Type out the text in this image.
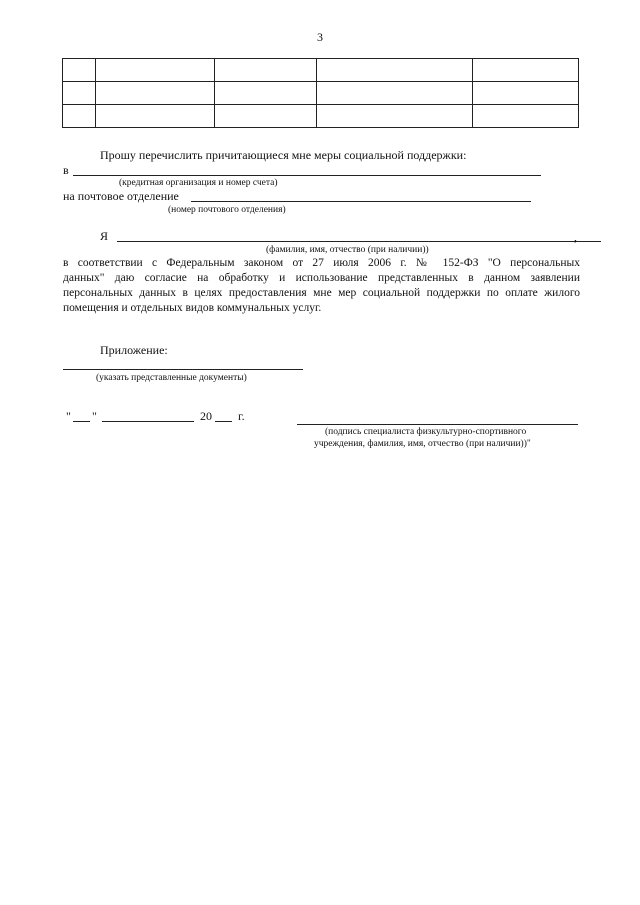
3

Прошу перечислить причитающиеся мне меры социальной поддержки:
в
(кредитная организация и номер счета)
на почтовое отделение
(номер почтового отделения)
Я	,
(фамилия, имя, отчество (при наличии))
в соответствии с Федеральным законом от 27 июля 2006 г. № 152-ФЗ "О персональных
данных" даю согласие на обработку и использование представленных в данном заявлении
персональных данных в целях предоставления мне мер социальной поддержки по оплате жилого
помещения и отдельных видов коммунальных услуг.
Приложение:
(указать представленные документы)
" "	20 г.
(подпись специалиста физкультурно-спортивного
учреждения, фамилия, имя, отчество (при наличии))"
